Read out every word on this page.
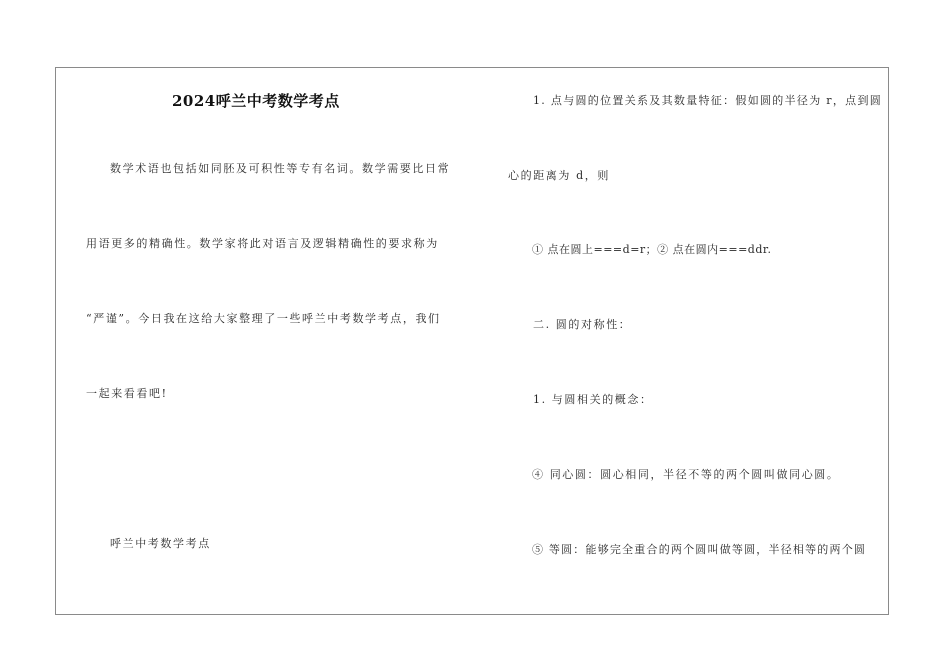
2024呼兰中考数学考点
数学术语也包括如同胚及可积性等专有名词。数学需要比日常
用语更多的精确性。数学家将此对语言及逻辑精确性的要求称为
“严谨”。今日我在这给大家整理了一些呼兰中考数学考点，我们
一起来看看吧!
呼兰中考数学考点
1. 点与圆的位置关系及其数量特征：假如圆的半径为 r，点到圆
心的距离为 d，则
① 点在圆上===d=r；② 点在圆内===ddr.
二. 圆的对称性：
1. 与圆相关的概念：
④ 同心圆：圆心相同，半径不等的两个圆叫做同心圆。
⑤ 等圆：能够完全重合的两个圆叫做等圆，半径相等的两个圆
